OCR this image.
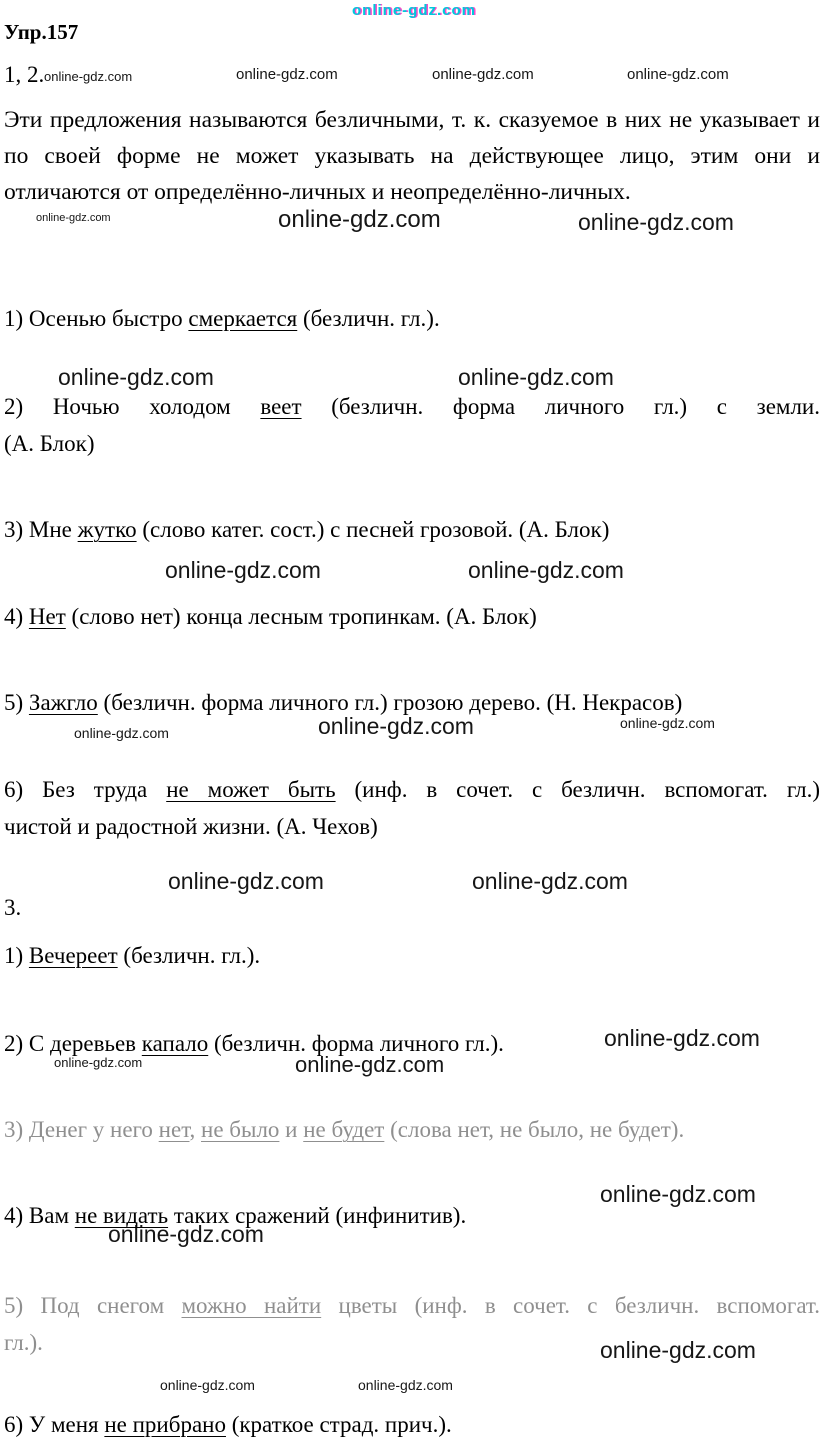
online-gdz.com
online-gdz.com	online-gdz.com	online-gdz.com	online-gdz.com
online-gdz.com	online-gdz.com	online-gdz.com
online-gdz.com	online-gdz.com
online-gdz.com	online-gdz.com
online-gdz.com	online-gdz.com	online-gdz.com
online-gdz.com	online-gdz.com
online-gdz.com
online-gdz.com	online-gdz.com
online-gdz.com
online-gdz.com
online-gdz.com
online-gdz.com	online-gdz.com
Упр.157
1, 2.

Эти предложения называются безличными, т. к. сказуемое в них не указывает и по своей форме не может указывать на действующее лицо, этим они и отличаются от определённо-личных и неопределённо-личных.

1) Осенью быстро смеркается (безличн. гл.).
2) Ночью холодом веет (безличн. форма личного гл.) с земли.
(А. Блок)
3) Мне жутко (слово катег. сост.) с песней грозовой. (А. Блок)
4) Нет (слово нет) конца лесным тропинкам. (А. Блок)
5) Зажгло (безличн. форма личного гл.) грозою дерево. (Н. Некрасов)
6) Без труда не может быть (инф. в сочет. с безличн. вспомогат. гл.)
чистой и радостной жизни. (А. Чехов)
3.
1) Вечереет (безличн. гл.).
2) С деревьев капало (безличн. форма личного гл.).
3) Денег у него нет, не было и не будет (слова нет, не было, не будет).
4) Вам не видать таких сражений (инфинитив).
5) Под снегом можно найти цветы (инф. в сочет. с безличн. вспомогат.
гл.).
6) У меня не прибрано (краткое страд. прич.).
